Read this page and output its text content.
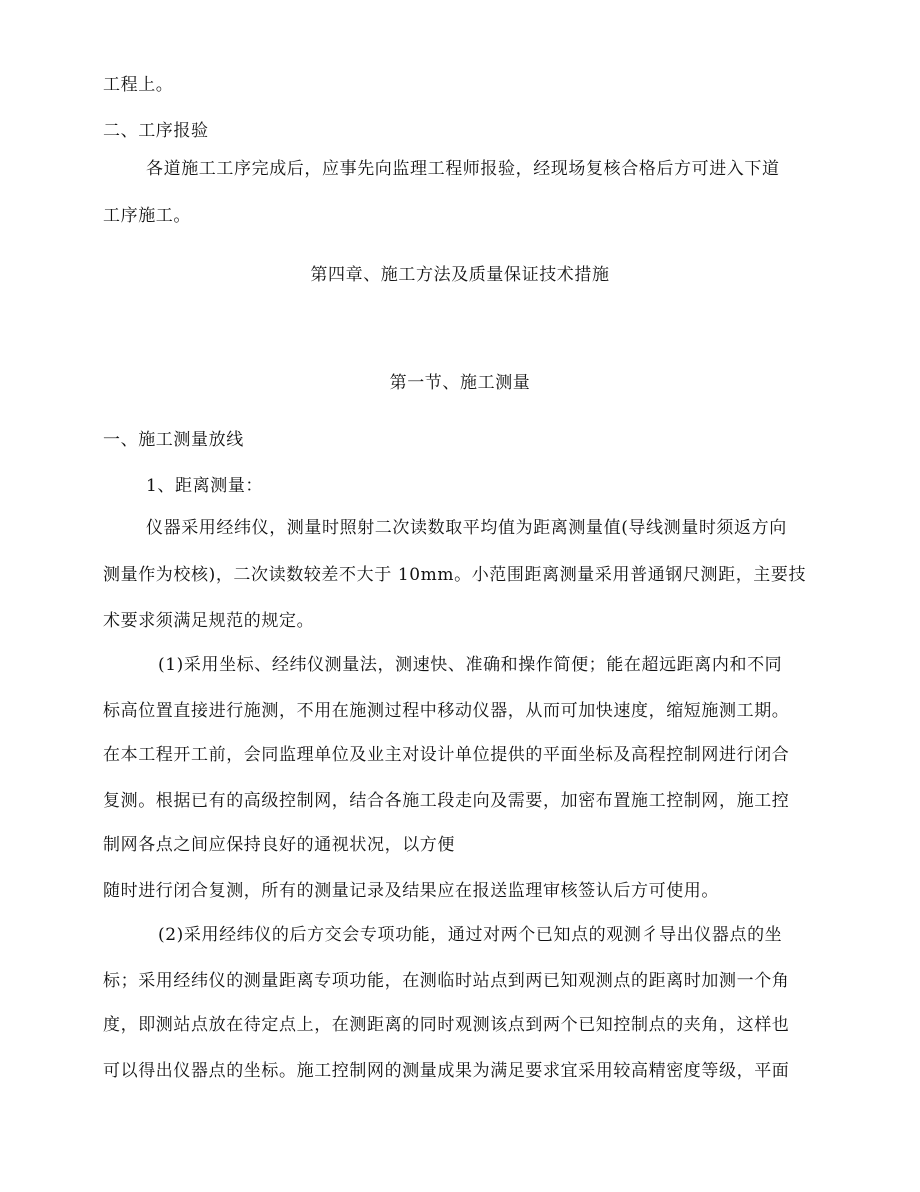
工程上。
二、工序报验
各道施工工序完成后，应事先向监理工程师报验，经现场复核合格后方可进入下道
工序施工。
第四章、施工方法及质量保证技术措施
第一节、施工测量
一、施工测量放线
1、距离测量：
仪器采用经纬仪，测量时照射二次读数取平均值为距离测量值(导线测量时须返方向
测量作为校核)，二次读数较差不大于 10mm。小范围距离测量采用普通钢尺测距，主要技
术要求须满足规范的规定。
(1)采用坐标、经纬仪测量法，测速快、准确和操作简便；能在超远距离内和不同
标高位置直接进行施测，不用在施测过程中移动仪器，从而可加快速度，缩短施测工期。
在本工程开工前，会同监理单位及业主对设计单位提供的平面坐标及高程控制网进行闭合
复测。根据已有的高级控制网，结合各施工段走向及需要，加密布置施工控制网，施工控
制网各点之间应保持良好的通视状况，以方便
随时进行闭合复测，所有的测量记录及结果应在报送监理审核签认后方可使用。
(2)采用经纬仪的后方交会专项功能，通过对两个已知点的观测彳导出仪器点的坐
标；采用经纬仪的测量距离专项功能，在测临时站点到两已知观测点的距离时加测一个角
度，即测站点放在待定点上，在测距离的同时观测该点到两个已知控制点的夹角，这样也
可以得出仪器点的坐标。施工控制网的测量成果为满足要求宜采用较高精密度等级，平面
